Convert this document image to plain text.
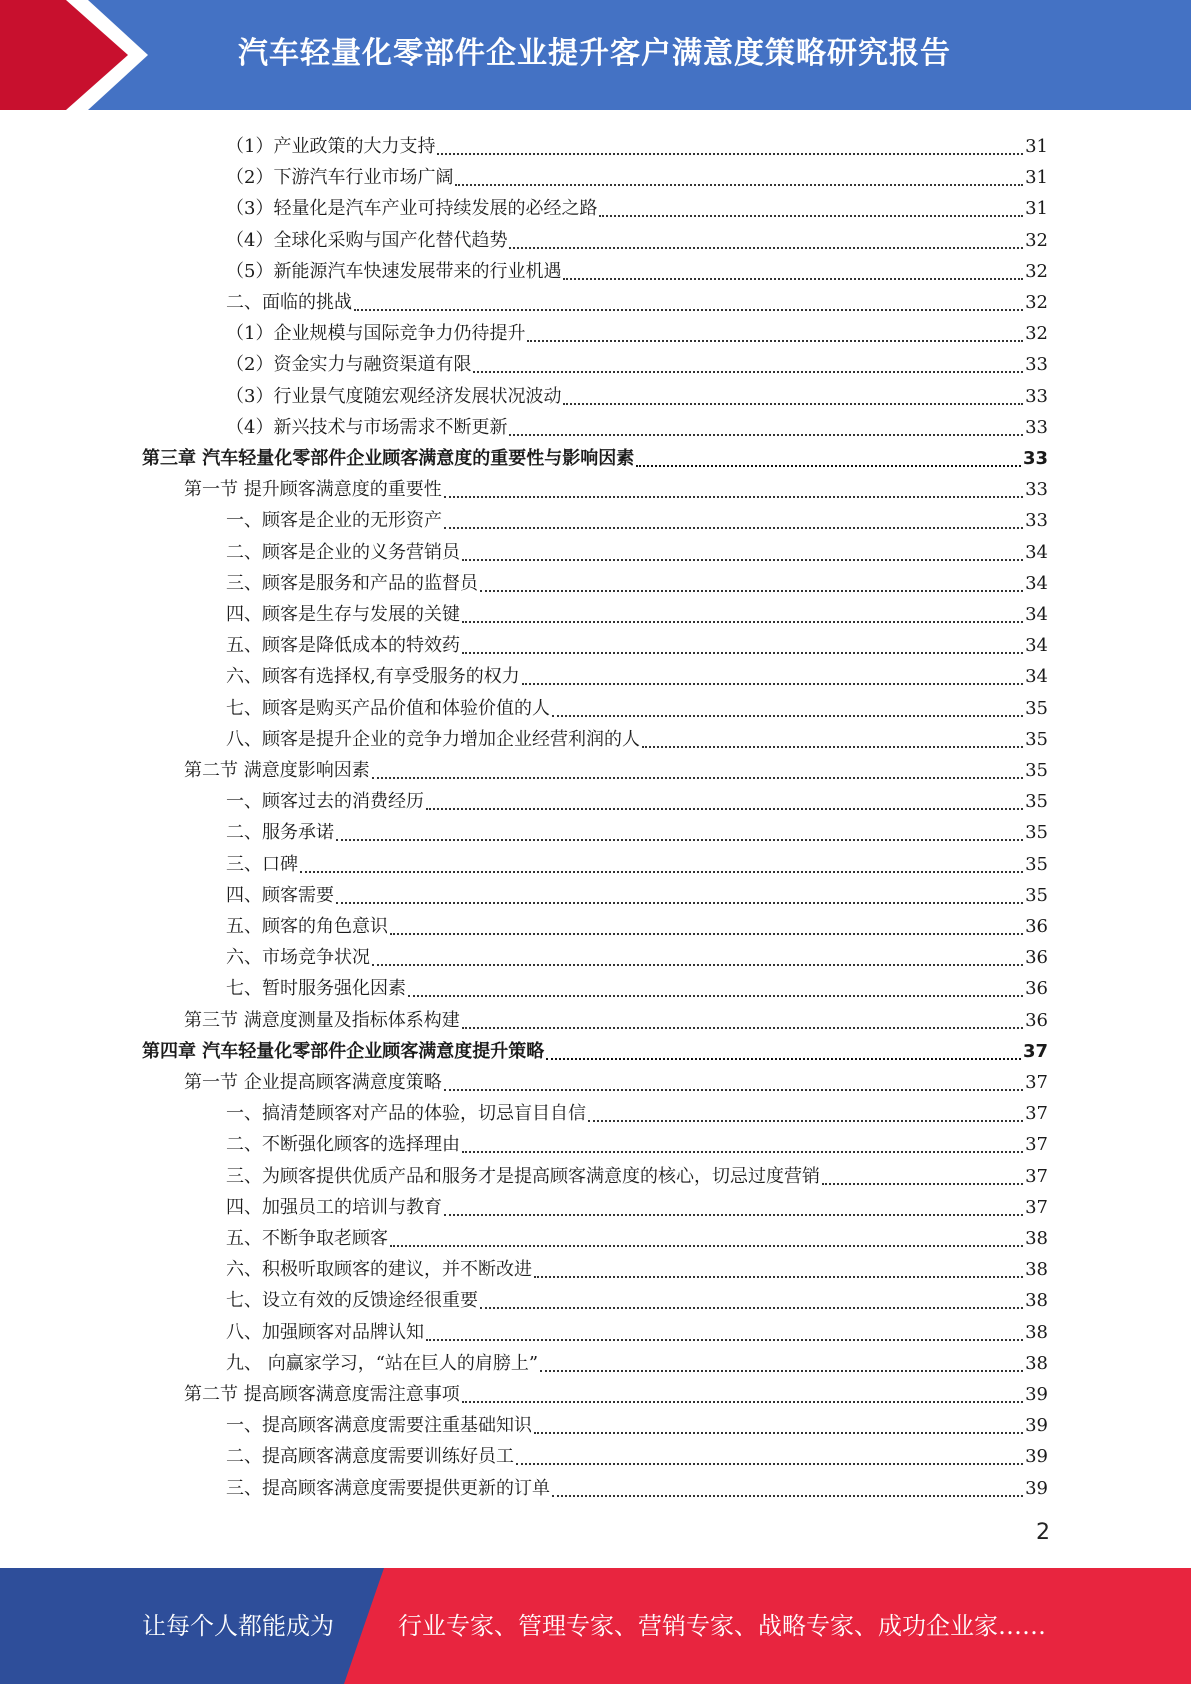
汽车轻量化零部件企业提升客户满意度策略研究报告
（1）产业政策的大力支持	31
（2）下游汽车行业市场广阔	31
（3）轻量化是汽车产业可持续发展的必经之路	31
（4）全球化采购与国产化替代趋势	32
（5）新能源汽车快速发展带来的行业机遇	32
二、面临的挑战	32
（1）企业规模与国际竞争力仍待提升	32
（2）资金实力与融资渠道有限	33
（3）行业景气度随宏观经济发展状况波动	33
（4）新兴技术与市场需求不断更新	33
第三章 汽车轻量化零部件企业顾客满意度的重要性与影响因素	33
第一节 提升顾客满意度的重要性	33
一、顾客是企业的无形资产	33
二、顾客是企业的义务营销员	34
三、顾客是服务和产品的监督员	34
四、顾客是生存与发展的关键	34
五、顾客是降低成本的特效药	34
六、顾客有选择权,有享受服务的权力	34
七、顾客是购买产品价值和体验价值的人	35
八、顾客是提升企业的竞争力增加企业经营利润的人	35
第二节 满意度影响因素	35
一、顾客过去的消费经历	35
二、服务承诺	35
三、口碑	35
四、顾客需要	35
五、顾客的角色意识	36
六、市场竞争状况	36
七、暂时服务强化因素	36
第三节 满意度测量及指标体系构建	36
第四章 汽车轻量化零部件企业顾客满意度提升策略	37
第一节 企业提高顾客满意度策略	37
一、搞清楚顾客对产品的体验，切忌盲目自信	37
二、不断强化顾客的选择理由	37
三、为顾客提供优质产品和服务才是提高顾客满意度的核心，切忌过度营销	37
四、加强员工的培训与教育	37
五、不断争取老顾客	38
六、积极听取顾客的建议，并不断改进	38
七、设立有效的反馈途经很重要	38
八、加强顾客对品牌认知	38
九、 向赢家学习，“站在巨人的肩膀上”	38
第二节 提高顾客满意度需注意事项	39
一、提高顾客满意度需要注重基础知识	39
二、提高顾客满意度需要训练好员工	39
三、提高顾客满意度需要提供更新的订单	39
2
让每个人都能成为	行业专家、管理专家、营销专家、战略专家、成功企业家……
